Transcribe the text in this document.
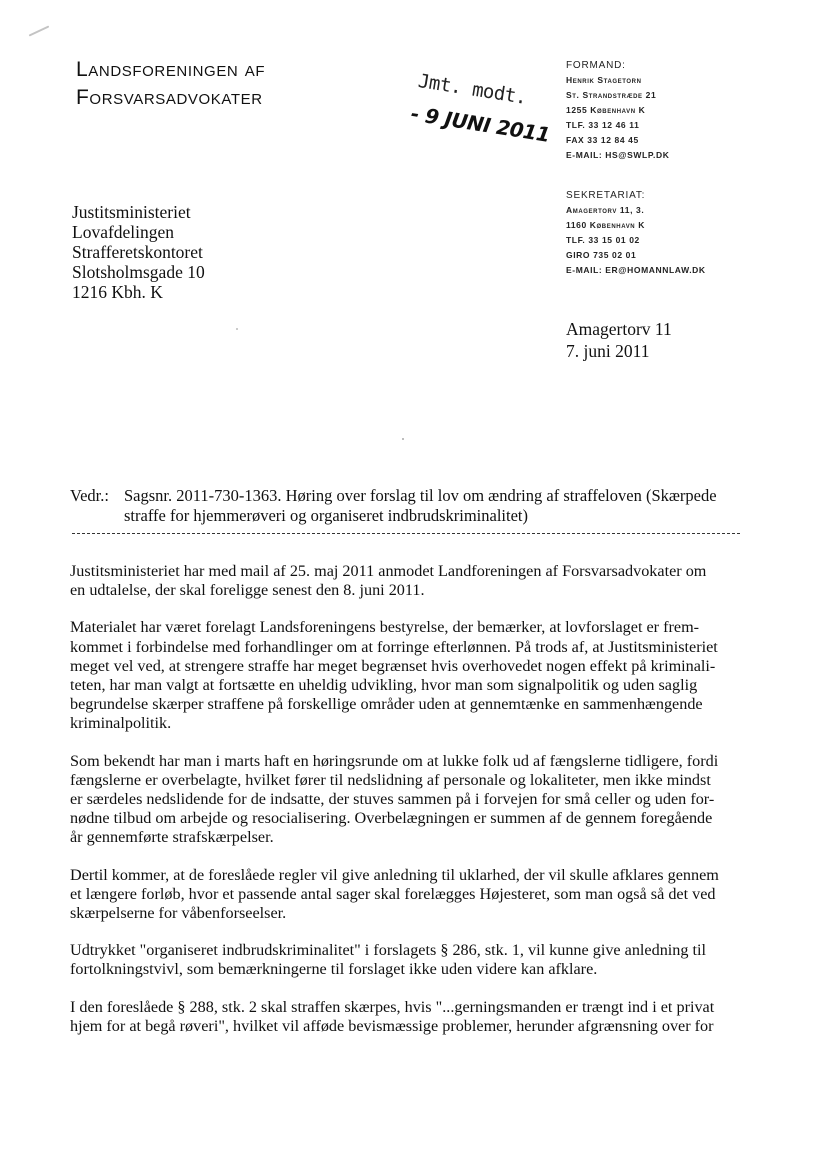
Landsforeningen af
Forsvarsadvokater	Jmt. modt.
- 9 JUNI 2011
FORMAND:
Henrik Stagetorn
St. Strandstræde 21
1255 København K
TLF. 33 12 46 11
FAX 33 12 84 45
E-MAIL: HS@SWLP.DK
SEKRETARIAT:
Amagertorv 11, 3.
1160 København K
TLF. 33 15 01 02
GIRO 735 02 01
E-MAIL: ER@HOMANNLAW.DK
Justitsministeriet
Lovafdelingen
Strafferetskontoret
Slotsholmsgade 10
1216 Kbh. K
Amagertorv 11
7. juni 2011
Vedr.: Sagsnr. 2011-730-1363. Høring over forslag til lov om ændring af straffeloven (Skærpede
straffe for hjemmerøveri og organiseret indbrudskriminalitet)

Justitsministeriet har med mail af 25. maj 2011 anmodet Landforeningen af Forsvarsadvokater om
en udtalelse, der skal foreligge senest den 8. juni 2011.

Materialet har været forelagt Landsforeningens bestyrelse, der bemærker, at lovforslaget er frem-
kommet i forbindelse med forhandlinger om at forringe efterlønnen. På trods af, at Justitsministeriet
meget vel ved, at strengere straffe har meget begrænset hvis overhovedet nogen effekt på kriminali-
teten, har man valgt at fortsætte en uheldig udvikling, hvor man som signalpolitik og uden saglig
begrundelse skærper straffene på forskellige områder uden at gennemtænke en sammenhængende
kriminalpolitik.

Som bekendt har man i marts haft en høringsrunde om at lukke folk ud af fængslerne tidligere, fordi
fængslerne er overbelagte, hvilket fører til nedslidning af personale og lokaliteter, men ikke mindst
er særdeles nedslidende for de indsatte, der stuves sammen på i forvejen for små celler og uden for-
nødne tilbud om arbejde og resocialisering. Overbelægningen er summen af de gennem foregående
år gennemførte strafskærpelser.

Dertil kommer, at de foreslåede regler vil give anledning til uklarhed, der vil skulle afklares gennem
et længere forløb, hvor et passende antal sager skal forelægges Højesteret, som man også så det ved
skærpelserne for våbenforseelser.

Udtrykket "organiseret indbrudskriminalitet" i forslagets § 286, stk. 1, vil kunne give anledning til
fortolkningstvivl, som bemærkningerne til forslaget ikke uden videre kan afklare.

I den foreslåede § 288, stk. 2 skal straffen skærpes, hvis "...gerningsmanden er trængt ind i et privat
hjem for at begå røveri", hvilket vil afføde bevismæssige problemer, herunder afgrænsning over for
